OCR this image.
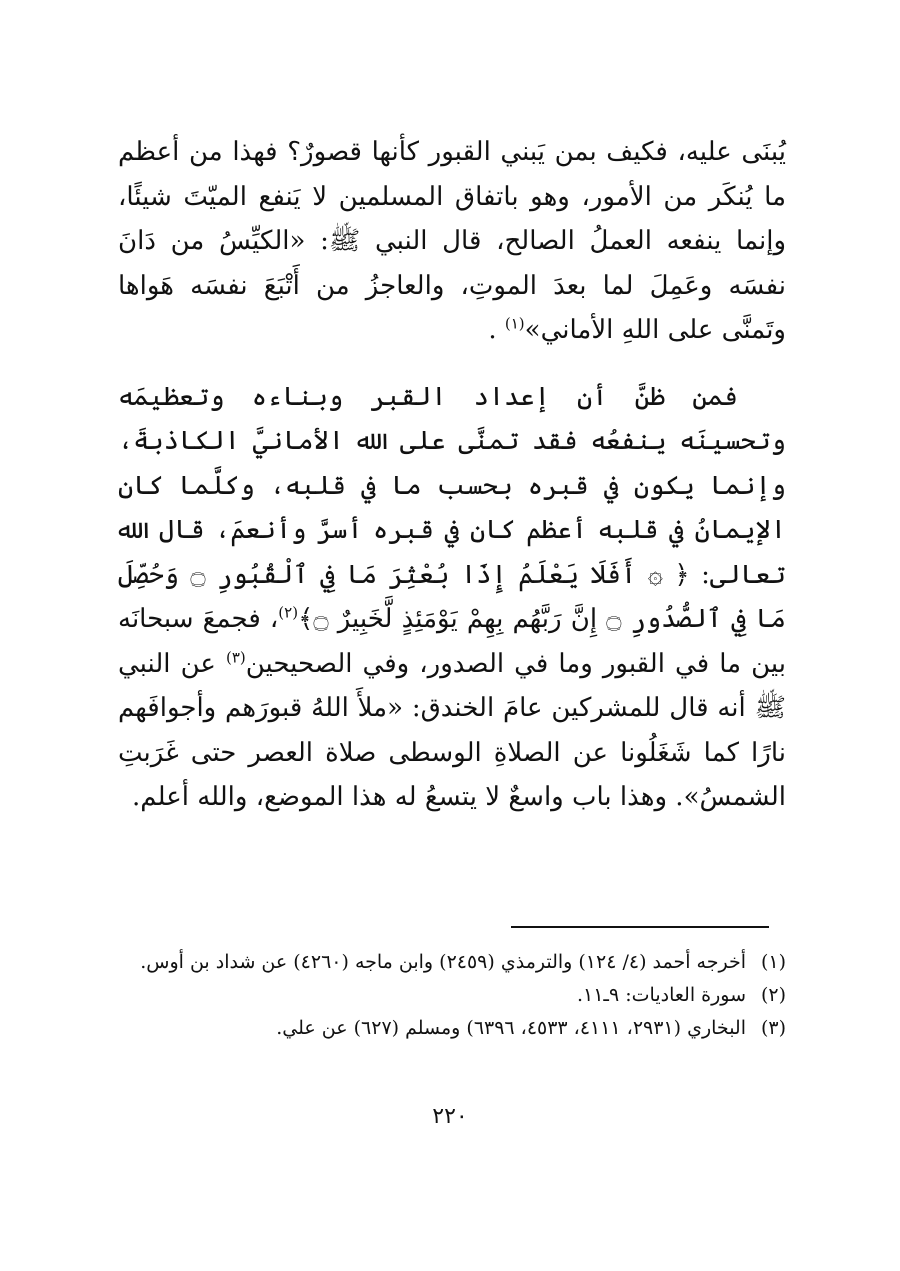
يُبنَى عليه، فكيف بمن يَبني القبور كأنها قصورٌ؟ فهذا من أعظم ما يُنكَر من الأمور، وهو باتفاق المسلمين لا يَنفع الميّتَ شيئًا، وإنما ينفعه العملُ الصالح، قال النبي ﷺ: «الكيِّسُ من دَانَ نفسَه وعَمِلَ لما بعدَ الموتِ، والعاجزُ من أَتْبَعَ نفسَه هَواها وتَمنَّى على اللهِ الأماني»$^{(١)}$ .

فمن ظنَّ أن إعداد القبر وبناءه وتعظيمَه وتحسينَه ينفعُه فقد تمنَّى على الله الأمانيَّ الكاذبةَ، وإنما يكون في قبره بحسب ما في قلبه، وكلَّما كان الإيمانُ في قلبه أعظم كان في قبره أسرَّ وأنعمَ، قال الله تعالى: ﴿ ۞ أَفَلَا يَعْلَمُ إِذَا بُعْثِرَ مَا فِي ٱلْقُبُورِ ۝ وَحُصِّلَ مَا فِي ٱلصُّدُورِ ۝ إِنَّ رَبَّهُم بِهِمْ يَوْمَئِذٍ لَّخَبِيرٌ ۝﴾$^{(٢)}$، فجمعَ سبحانَه بين ما في القبور وما في الصدور، وفي الصحيحين$^{(٣)}$ عن النبي ﷺ أنه قال للمشركين عامَ الخندق: «ملأَ اللهُ قبورَهم وأجوافَهم نارًا كما شَغَلُونا عن الصلاةِ الوسطى صلاة العصر حتى غَرَبتِ الشمسُ». وهذا باب واسعٌ لا يتسعُ له هذا الموضع، والله أعلم.

(١)
أخرجه أحمد (٤/ ١٢٤) والترمذي (٢٤٥٩) وابن ماجه (٤٢٦٠) عن شداد بن أوس.
(٢)
سورة العاديات: ٩ـ١١.
(٣)
البخاري (٢٩٣١، ٤١١١، ٤٥٣٣، ٦٣٩٦) ومسلم (٦٢٧) عن علي.
٢٢٠
